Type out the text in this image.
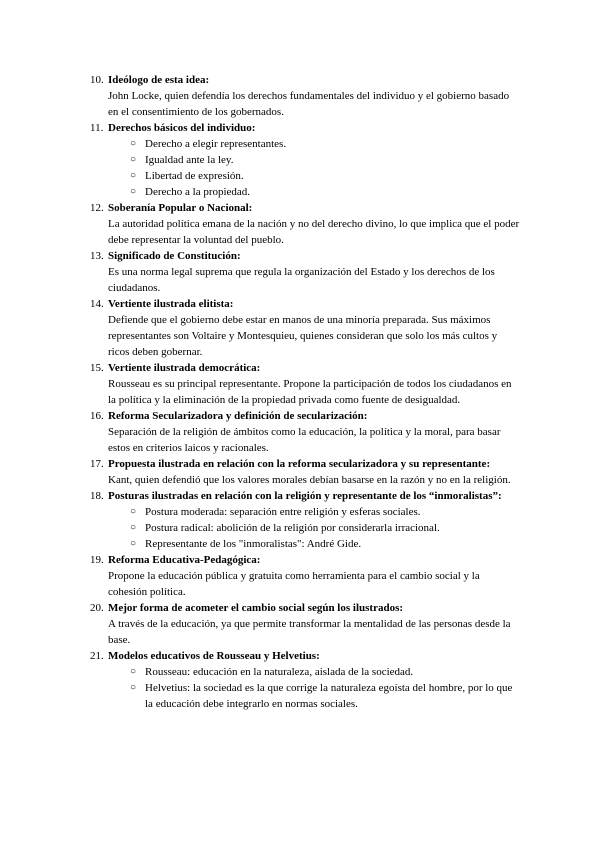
10. Ideólogo de esta idea:
John Locke, quien defendía los derechos fundamentales del individuo y el gobierno basado en el consentimiento de los gobernados.
11. Derechos básicos del individuo:
○ Derecho a elegir representantes.
○ Igualdad ante la ley.
○ Libertad de expresión.
○ Derecho a la propiedad.
12. Soberanía Popular o Nacional:
La autoridad política emana de la nación y no del derecho divino, lo que implica que el poder debe representar la voluntad del pueblo.
13. Significado de Constitución:
Es una norma legal suprema que regula la organización del Estado y los derechos de los ciudadanos.
14. Vertiente ilustrada elitista:
Defiende que el gobierno debe estar en manos de una minoría preparada. Sus máximos representantes son Voltaire y Montesquieu, quienes consideran que solo los más cultos y ricos deben gobernar.
15. Vertiente ilustrada democrática:
Rousseau es su principal representante. Propone la participación de todos los ciudadanos en la política y la eliminación de la propiedad privada como fuente de desigualdad.
16. Reforma Secularizadora y definición de secularización:
Separación de la religión de ámbitos como la educación, la política y la moral, para basar estos en criterios laicos y racionales.
17. Propuesta ilustrada en relación con la reforma secularizadora y su representante:
Kant, quien defendió que los valores morales debían basarse en la razón y no en la religión.
18. Posturas ilustradas en relación con la religión y representante de los “inmoralistas”:
○ Postura moderada: separación entre religión y esferas sociales.
○ Postura radical: abolición de la religión por considerarla irracional.
○ Representante de los "inmoralistas": André Gide.
19. Reforma Educativa-Pedagógica:
Propone la educación pública y gratuita como herramienta para el cambio social y la cohesión política.
20. Mejor forma de acometer el cambio social según los ilustrados:
A través de la educación, ya que permite transformar la mentalidad de las personas desde la base.
21. Modelos educativos de Rousseau y Helvetius:
○ Rousseau: educación en la naturaleza, aislada de la sociedad.
○ Helvetius: la sociedad es la que corrige la naturaleza egoísta del hombre, por lo que la educación debe integrarlo en normas sociales.
